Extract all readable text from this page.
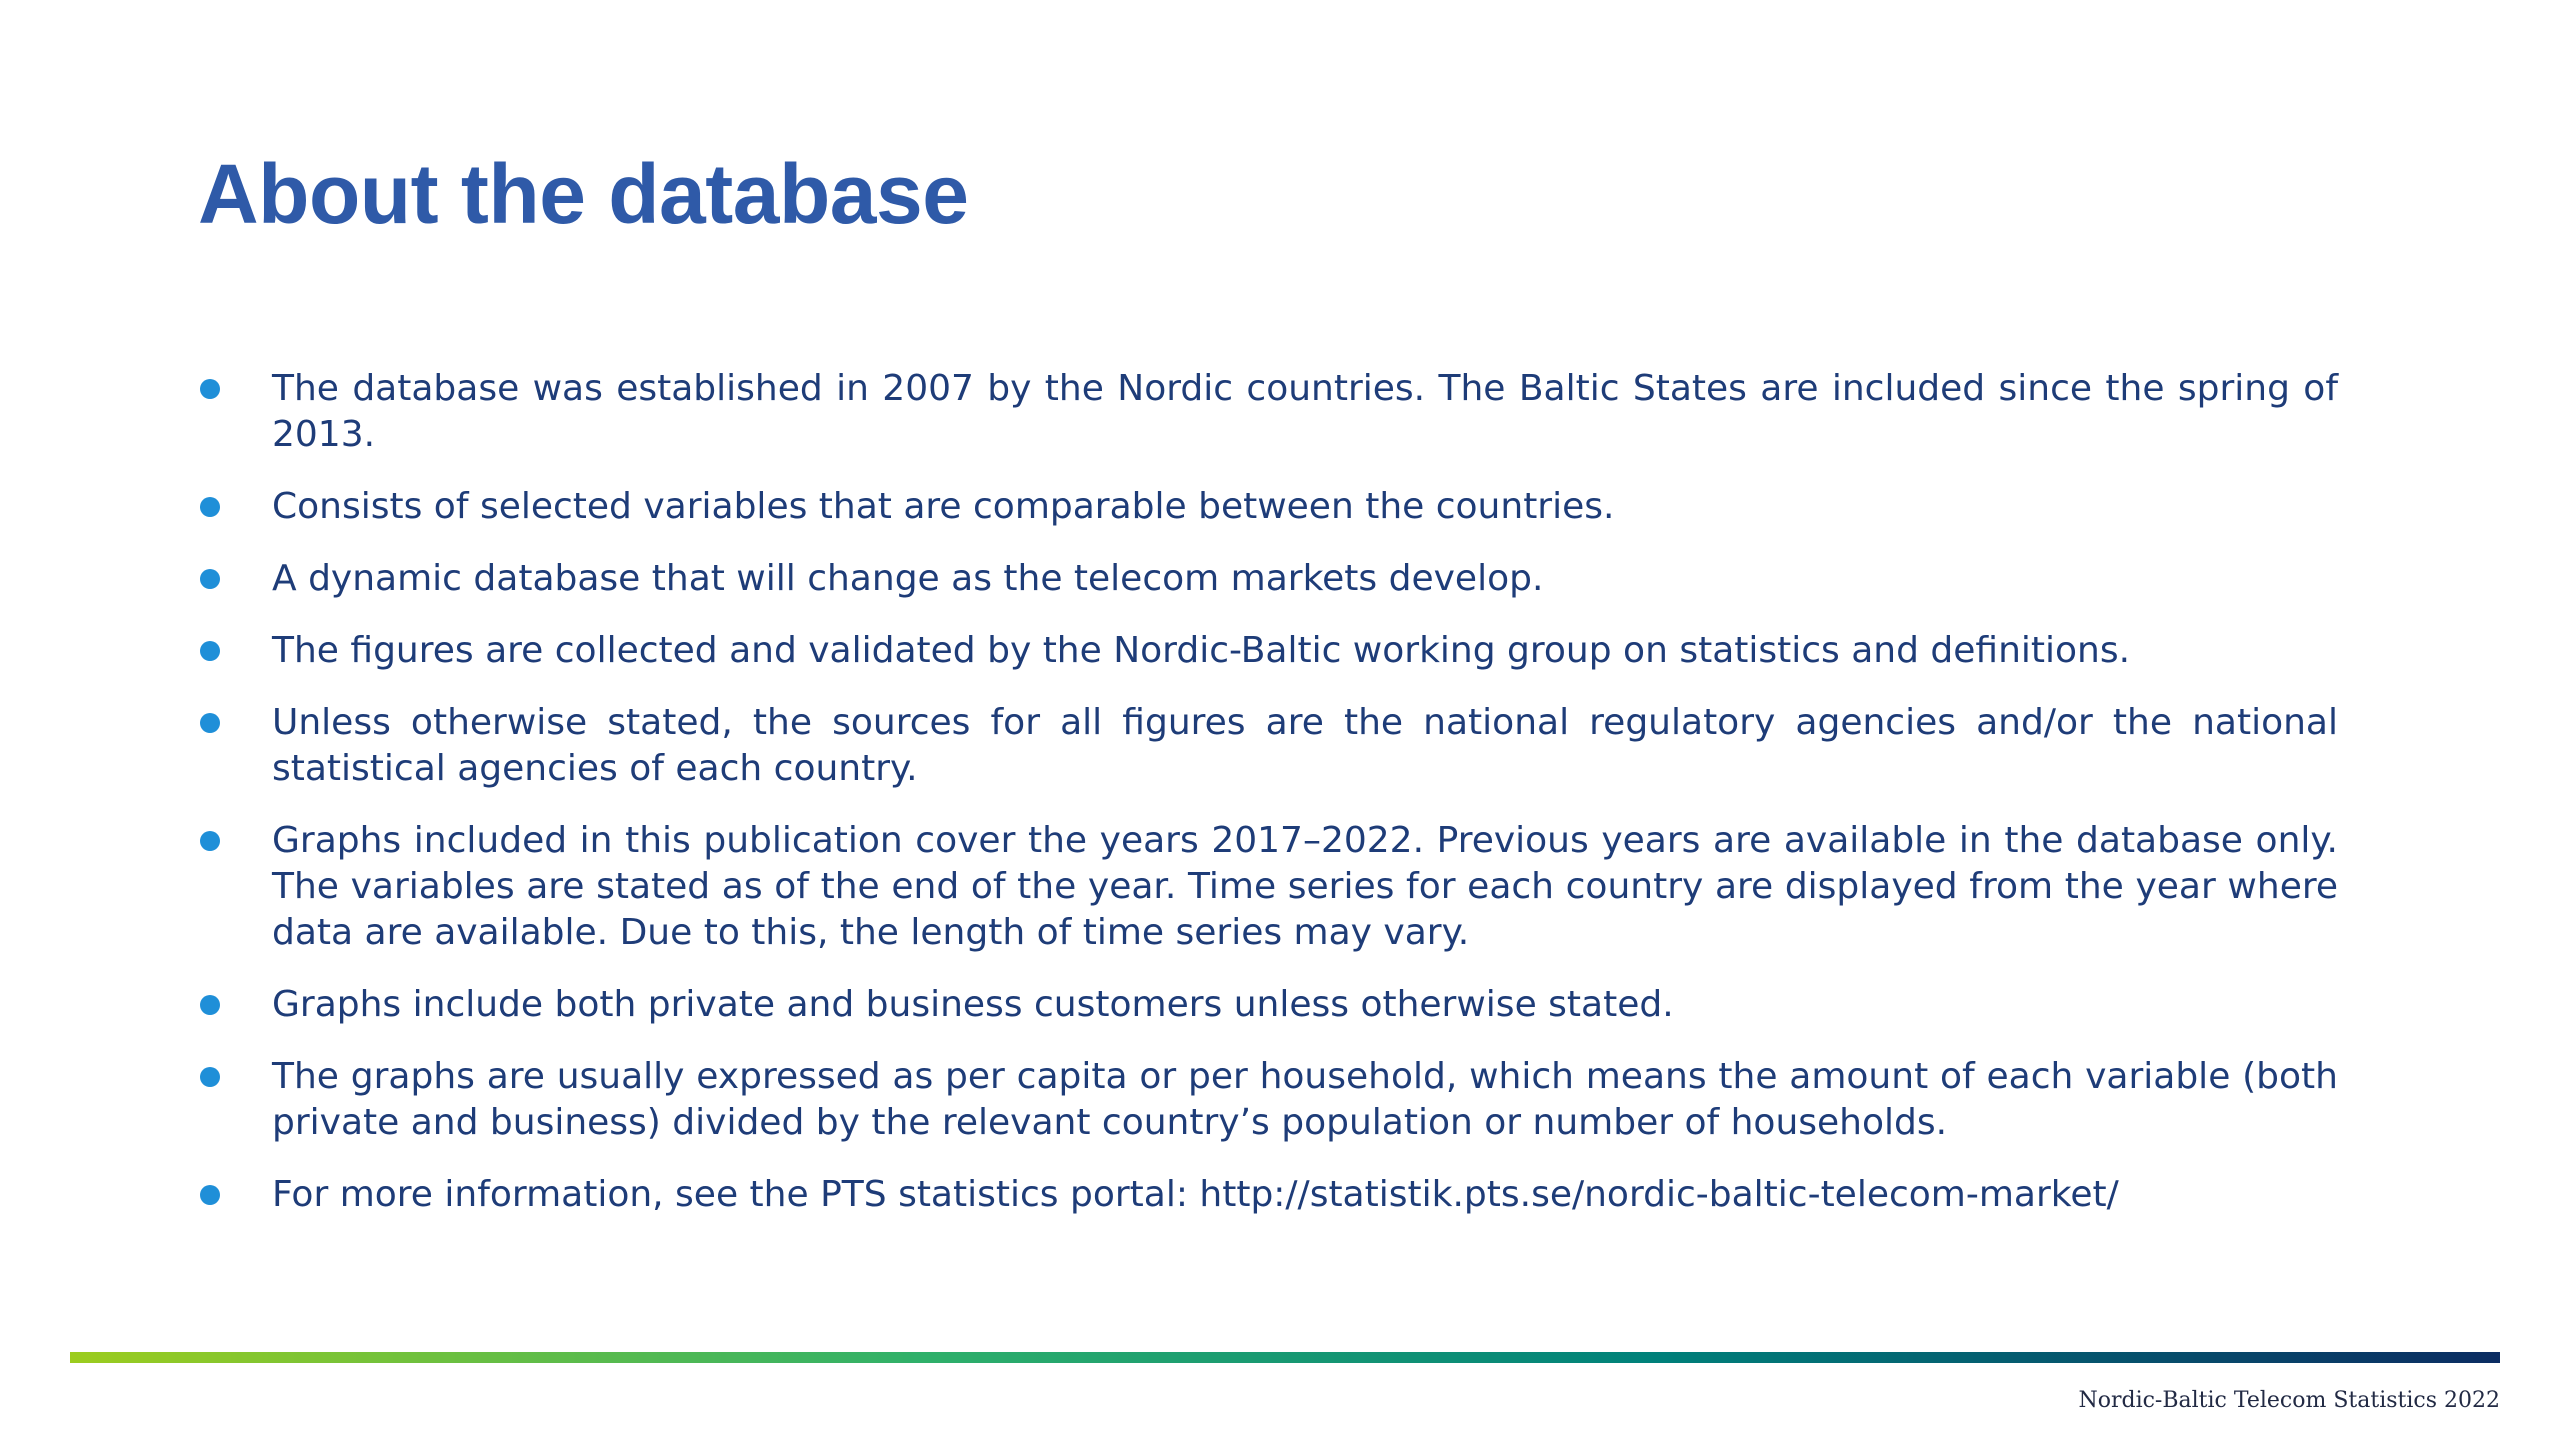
About the database
The database was established in 2007 by the Nordic countries. The Baltic States are included since the spring of 2013.
Consists of selected variables that are comparable between the countries.
A dynamic database that will change as the telecom markets develop.
The figures are collected and validated by the Nordic-Baltic working group on statistics and definitions.
Unless otherwise stated, the sources for all figures are the national regulatory agencies and/or the national statistical agencies of each country.
Graphs included in this publication cover the years 2017–2022. Previous years are available in the database only. The variables are stated as of the end of the year. Time series for each country are displayed from the year where data are available. Due to this, the length of time series may vary.
Graphs include both private and business customers unless otherwise stated.
The graphs are usually expressed as per capita or per household, which means the amount of each variable (both private and business) divided by the relevant country’s population or number of households.
For more information, see the PTS statistics portal: http://statistik.pts.se/nordic-baltic-telecom-market/

Nordic-Baltic Telecom Statistics 2022
